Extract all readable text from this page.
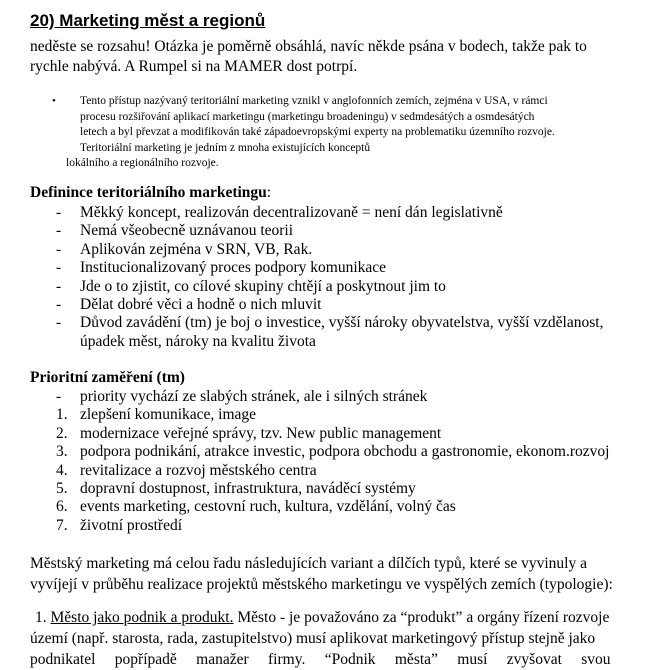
20) Marketing měst a regionů
neděste se rozsahu! Otázka je poměrně obsáhlá, navíc někde psána v bodech, takže pak to
rychle nabývá. A Rumpel si na MAMER dost potrpí.
•	Tento přístup nazývaný teritoriální marketing vznikl v anglofonních zemích, zejména v USA, v rámci
procesu rozšiřování aplikací marketingu (marketingu broadeningu) v sedmdesátých a osmdesátých
letech a byl převzat a modifikován také západoevropskými experty na problematiku územního rozvoje.
Teritoriální marketing je jedním z mnoha existujících konceptů
lokálního a regionálního rozvoje.
Definince teritoriálního marketingu:
- Měkký koncept, realizován decentralizovaně = není dán legislativně
- Nemá všeobecně uznávanou teorii
- Aplikován zejména v SRN, VB, Rak.
- Institucionalizovaný proces podpory komunikace
- Jde o to zjistit, co cílové skupiny chtějí a poskytnout jim to
- Dělat dobré věci a hodně o nich mluvit
- Důvod zavádění (tm) je boj o investice, vyšší nároky obyvatelstva, vyšší vzdělanost,
úpadek měst, nároky na kvalitu života
Prioritní zaměření (tm)
- priority vychází ze slabých stránek, ale i silných stránek
1. zlepšení komunikace, image
2. modernizace veřejné správy, tzv. New public management
3. podpora podnikání, atrakce investic, podpora obchodu a gastronomie, ekonom.rozvoj
4. revitalizace a rozvoj městského centra
5. dopravní dostupnost, infrastruktura, naváděcí systémy
6. events marketing, cestovní ruch, kultura, vzdělání, volný čas
7. životní prostředí
Městský marketing má celou řadu následujících variant a dílčích typů, které se vyvinuly a
vyvíjejí v průběhu realizace projektů městského marketingu ve vyspělých zemích (typologie):
1. Město jako podnik a produkt. Město - je považováno za “produkt” a orgány řízení rozvoje
území (např. starosta, rada, zastupitelstvo) musí aplikovat marketingový přístup stejně jako
podnikatel     popřípadě     manažer     firmy.     “Podnik     města”     musí     zvyšovat     svou
